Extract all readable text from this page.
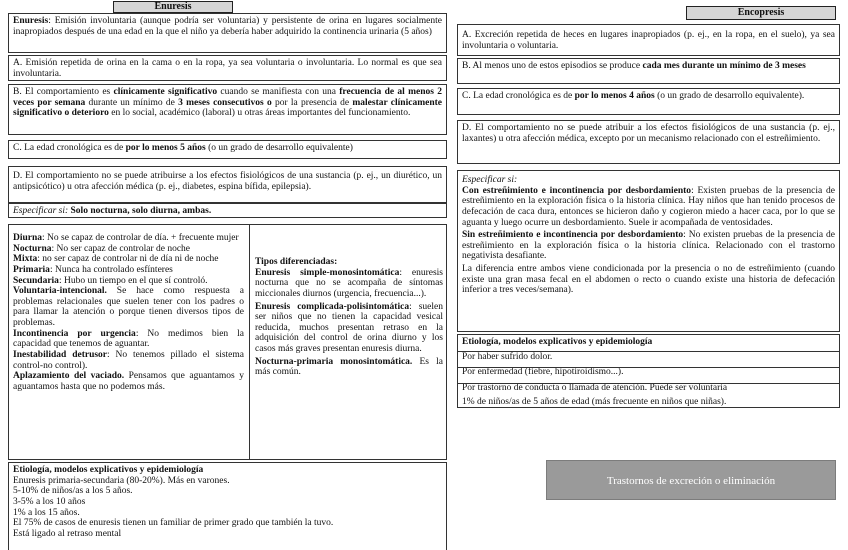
Enuresis
Enuresis: Emisión involuntaria (aunque podría ser voluntaria) y persistente de orina en lugares socialmente inapropiados después de una edad en la que el niño ya debería haber adquirido la continencia urinaria (5 años)
A. Emisión repetida de orina en la cama o en la ropa, ya sea voluntaria o involuntaria. Lo normal es que sea involuntaria.
B. El comportamiento es clínicamente significativo cuando se manifiesta con una frecuencia de al menos 2 veces por semana durante un mínimo de 3 meses consecutivos o por la presencia de malestar clínicamente significativo o deterioro en lo social, académico (laboral) u otras áreas importantes del funcionamiento.
C. La edad cronológica es de por lo menos 5 años (o un grado de desarrollo equivalente)
D. El comportamiento no se puede atribuirse a los efectos fisiológicos de una sustancia (p. ej., un diurético, un antipsicótico) u otra afección médica (p. ej., diabetes, espina bífida, epilepsia).
Especificar si: Solo nocturna, solo diurna, ambas.

Diurna: No se capaz de controlar de día. + frecuente mujer

Nocturna: No ser capaz de controlar de noche

Mixta: no ser capaz de controlar ni de día ni de noche

Primaria: Nunca ha controlado esfínteres

Secundaria: Hubo un tiempo en el que sí controló.

Voluntaria-intencional. Se hace como respuesta a problemas relacionales que suelen tener con los padres o para llamar la atención o porque tienen diversos tipos de problemas.

Incontinencia por urgencia: No medimos bien la capacidad que tenemos de aguantar.

Inestabilidad detrusor: No tenemos pillado el sistema control-no control).

Aplazamiento del vaciado. Pensamos que aguantamos y aguantamos hasta que no podemos más.

Tipos diferenciadas:

Enuresis simple-monosintomática: enuresis nocturna que no se acompaña de síntomas miccionales diurnos (urgencia, frecuencia...).

Enuresis complicada-polisintomática: suelen ser niños que no tienen la capacidad vesical reducida, muchos presentan retraso en la adquisición del control de orina diurno y los casos más graves presentan enuresis diurna.

Nocturna-primaria monosintomática. Es la más común.

Etiología, modelos explicativos y epidemiología

Enuresis primaria-secundaria (80-20%). Más en varones.

5-10% de niños/as a los 5 años.

3-5% a los 10 años

1% a los 15 años.

El 75% de casos de enuresis tienen un familiar de primer grado que también la tuvo.

Está ligado al retraso mental

Encopresis
A. Excreción repetida de heces en lugares inapropiados (p. ej., en la ropa, en el suelo), ya sea involuntaria o voluntaria.
B. Al menos uno de estos episodios se produce cada mes durante un mínimo de 3 meses
C. La edad cronológica es de por lo menos 4 años (o un grado de desarrollo equivalente).
D. El comportamiento no se puede atribuir a los efectos fisiológicos de una sustancia (p. ej., laxantes) u otra afección médica, excepto por un mecanismo relacionado con el estreñimiento.

Especificar si:

Con estreñimiento e incontinencia por desbordamiento: Existen pruebas de la presencia de estreñimiento en la exploración física o la historia clínica. Hay niños que han tenido procesos de defecación de caca dura, entonces se hicieron daño y cogieron miedo a hacer caca, por lo que se aguanta y luego ocurre un desbordamiento. Suele ir acompañada de ventosidades.

Sin estreñimiento e incontinencia por desbordamiento: No existen pruebas de la presencia de estreñimiento en la exploración física o la historia clínica. Relacionado con el trastorno negativista desafiante.

La diferencia entre ambos viene condicionada por la presencia o no de estreñimiento (cuando existe una gran masa fecal en el abdomen o recto o cuando existe una historia de defecación inferior a tres veces/semana).

Etiología, modelos explicativos y epidemiología

Por haber sufrido dolor.

Por enfermedad (fiebre, hipotiroidismo...).

Por trastorno de conducta o llamada de atención. Puede ser voluntaria

1% de niños/as de 5 años de edad (más frecuente en niños que niñas).

Trastornos de excreción o eliminación
